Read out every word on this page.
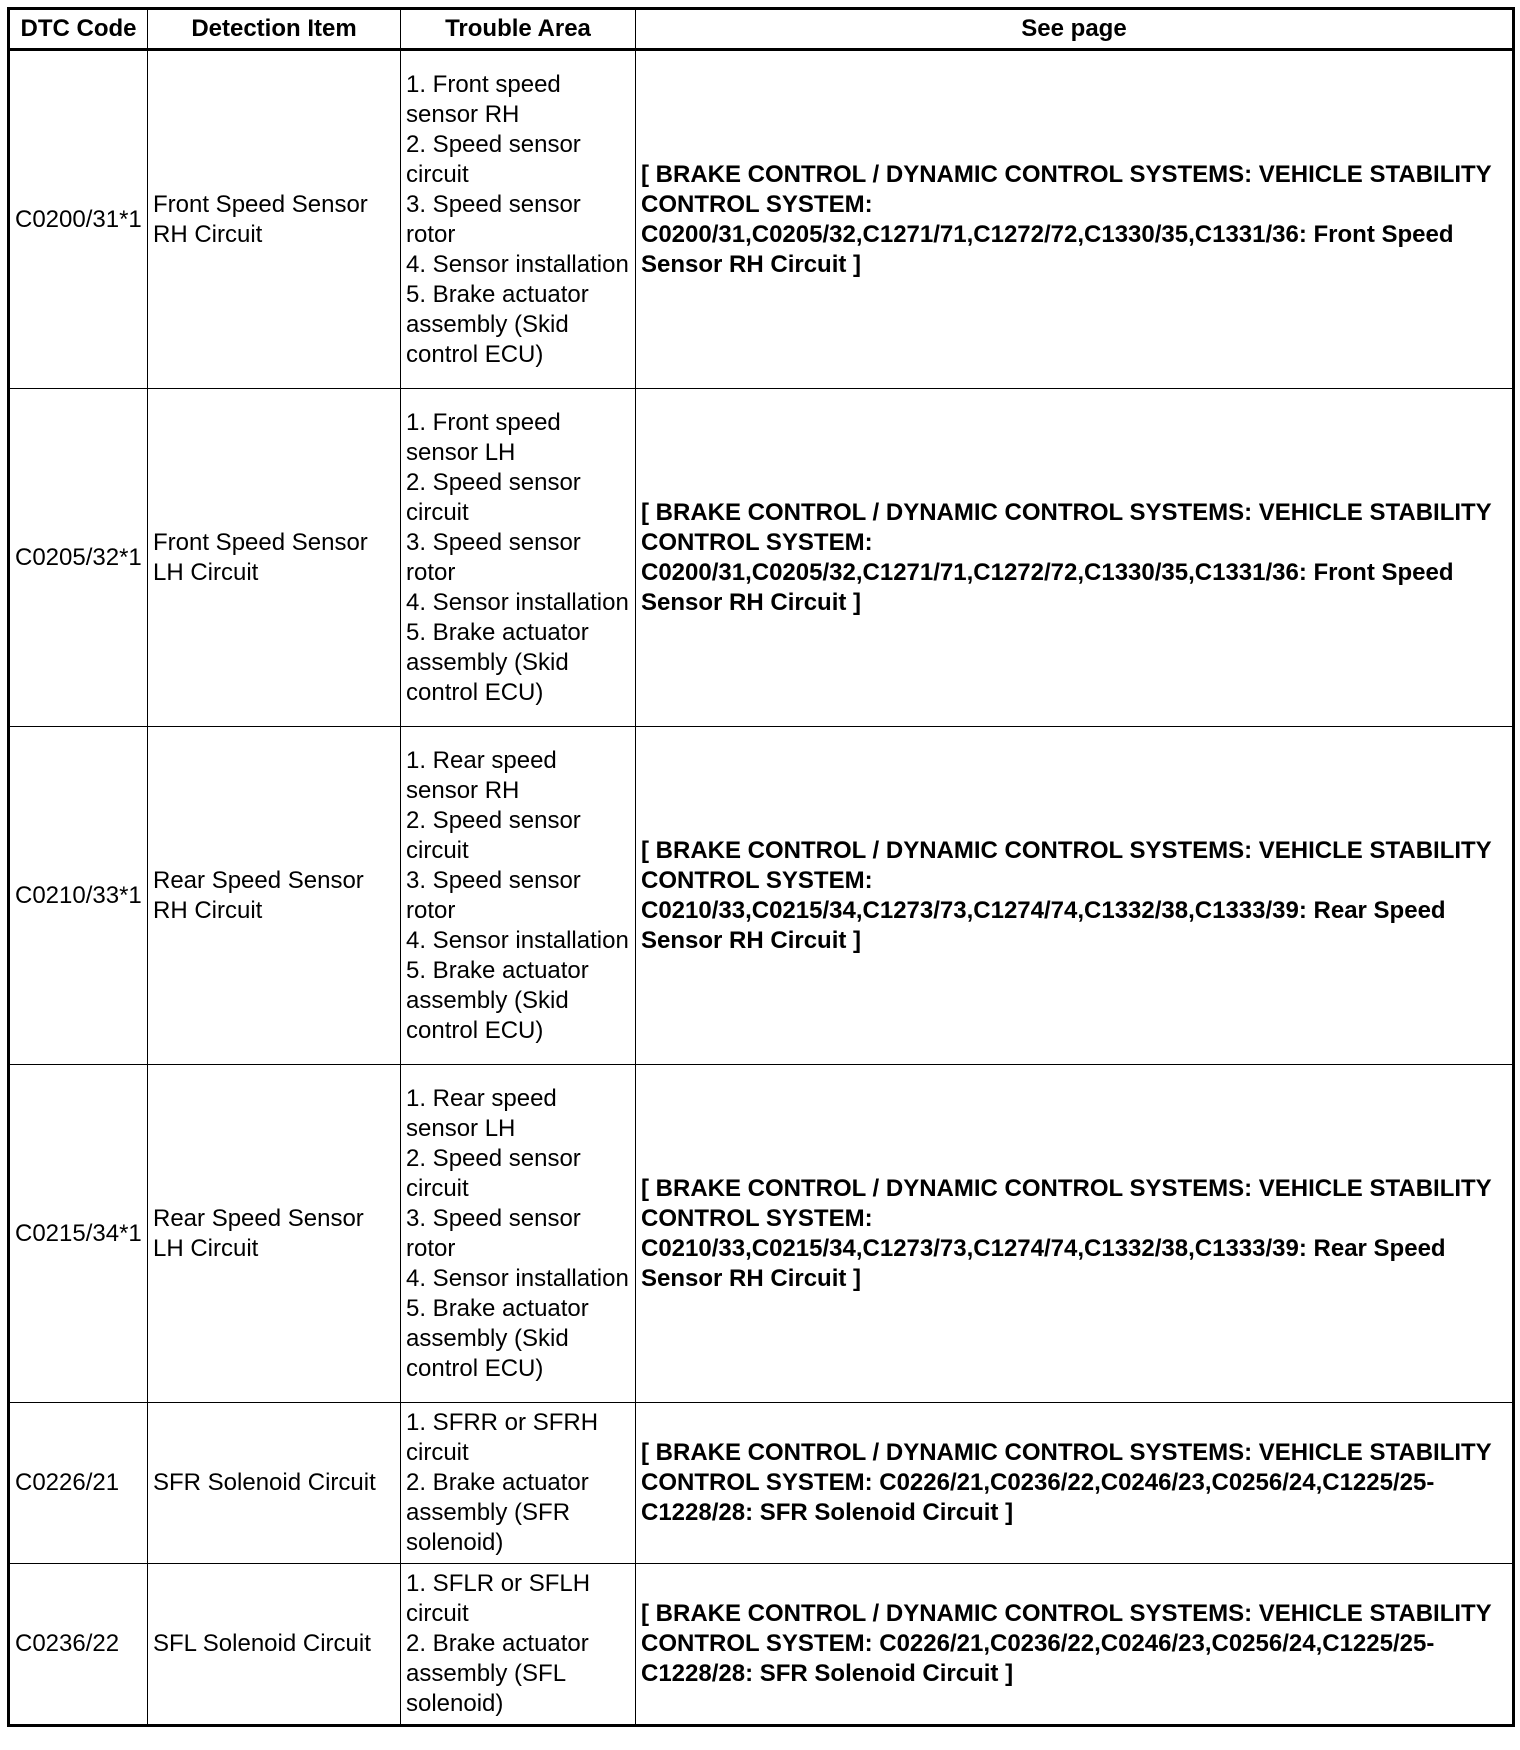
DTC Code	Detection Item	Trouble Area	See page
C0200/31*1	Front Speed Sensor RH Circuit	1. Front speed sensor RH
2. Speed sensor circuit
3. Speed sensor rotor
4. Sensor installation
5. Brake actuator assembly (Skid control ECU)	[ BRAKE CONTROL / DYNAMIC CONTROL SYSTEMS: VEHICLE STABILITY CONTROL SYSTEM: C0200/31,C0205/32,C1271/71,C1272/72,C1330/35,C1331/36: Front Speed Sensor RH Circuit ]
C0205/32*1	Front Speed Sensor LH Circuit	1. Front speed sensor LH
2. Speed sensor circuit
3. Speed sensor rotor
4. Sensor installation
5. Brake actuator assembly (Skid control ECU)	[ BRAKE CONTROL / DYNAMIC CONTROL SYSTEMS: VEHICLE STABILITY CONTROL SYSTEM: C0200/31,C0205/32,C1271/71,C1272/72,C1330/35,C1331/36: Front Speed Sensor RH Circuit ]
C0210/33*1	Rear Speed Sensor RH Circuit	1. Rear speed sensor RH
2. Speed sensor circuit
3. Speed sensor rotor
4. Sensor installation
5. Brake actuator assembly (Skid control ECU)	[ BRAKE CONTROL / DYNAMIC CONTROL SYSTEMS: VEHICLE STABILITY CONTROL SYSTEM: C0210/33,C0215/34,C1273/73,C1274/74,C1332/38,C1333/39: Rear Speed Sensor RH Circuit ]
C0215/34*1	Rear Speed Sensor LH Circuit	1. Rear speed sensor LH
2. Speed sensor circuit
3. Speed sensor rotor
4. Sensor installation
5. Brake actuator assembly (Skid control ECU)	[ BRAKE CONTROL / DYNAMIC CONTROL SYSTEMS: VEHICLE STABILITY CONTROL SYSTEM: C0210/33,C0215/34,C1273/73,C1274/74,C1332/38,C1333/39: Rear Speed Sensor RH Circuit ]
C0226/21	SFR Solenoid Circuit	1. SFRR or SFRH circuit
2. Brake actuator assembly (SFR solenoid)	[ BRAKE CONTROL / DYNAMIC CONTROL SYSTEMS: VEHICLE STABILITY CONTROL SYSTEM: C0226/21,C0236/22,C0246/23,C0256/24,C1225/25-C1228/28: SFR Solenoid Circuit ]
C0236/22	SFL Solenoid Circuit	1. SFLR or SFLH circuit
2. Brake actuator assembly (SFL solenoid)	[ BRAKE CONTROL / DYNAMIC CONTROL SYSTEMS: VEHICLE STABILITY CONTROL SYSTEM: C0226/21,C0236/22,C0246/23,C0256/24,C1225/25-C1228/28: SFR Solenoid Circuit ]
